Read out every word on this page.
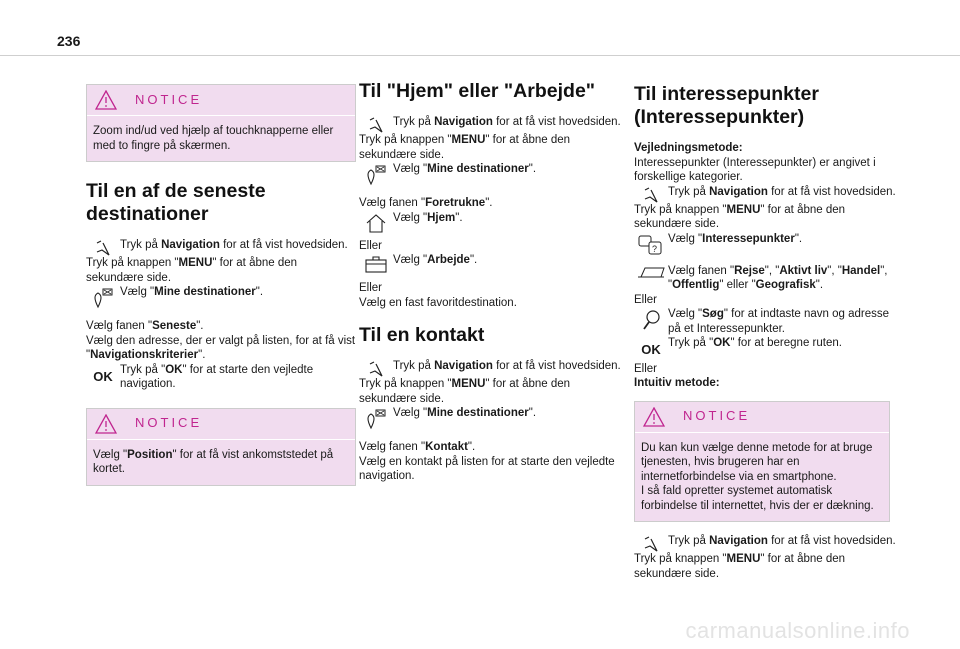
236
NOTICE
Zoom ind/ud ved hjælp af touchknapperne eller med to fingre på skærmen.
Til en af de seneste destinationer

Tryk på Navigation for at få vist hovedsiden.

Tryk på knappen "MENU" for at åbne den sekundære side.

Vælg "Mine destinationer".

Vælg fanen "Seneste".

Vælg den adresse, der er valgt på listen, for at få vist "Navigationskriterier".

OK Tryk på "OK" for at starte den vejledte navigation.

NOTICE
Vælg "Position" for at få vist ankomststedet på kortet.
Til "Hjem" eller "Arbejde"

Tryk på Navigation for at få vist hovedsiden.

Tryk på knappen "MENU" for at åbne den sekundære side.

Vælg "Mine destinationer".

Vælg fanen "Foretrukne".

Vælg "Hjem".

Eller

Vælg "Arbejde".

Eller

Vælg en fast favoritdestination.

Til en kontakt

Tryk på Navigation for at få vist hovedsiden.

Tryk på knappen "MENU" for at åbne den sekundære side.

Vælg "Mine destinationer".

Vælg fanen "Kontakt".

Vælg en kontakt på listen for at starte den vejledte navigation.

Til interessepunkter (Interessepunkter)

Vejledningsmetode:

Interessepunkter (Interessepunkter) er angivet i forskellige kategorier.

Tryk på Navigation for at få vist hovedsiden.

Tryk på knappen "MENU" for at åbne den sekundære side.

?

Vælg "Interessepunkter".

Vælg fanen "Rejse", "Aktivt liv", "Handel", "Offentlig" eller "Geografisk".

Eller

Vælg "Søg" for at indtaste navn og adresse på et Interessepunkter.

OK Tryk på "OK" for at beregne ruten.

Eller

Intuitiv metode:

NOTICE
Du kan kun vælge denne metode for at bruge tjenesten, hvis brugeren har en internetforbindelse via en smartphone.
I så fald opretter systemet automatisk forbindelse til internettet, hvis der er dækning.

Tryk på Navigation for at få vist hovedsiden.

Tryk på knappen "MENU" for at åbne den sekundære side.

carmanualsonline.info
